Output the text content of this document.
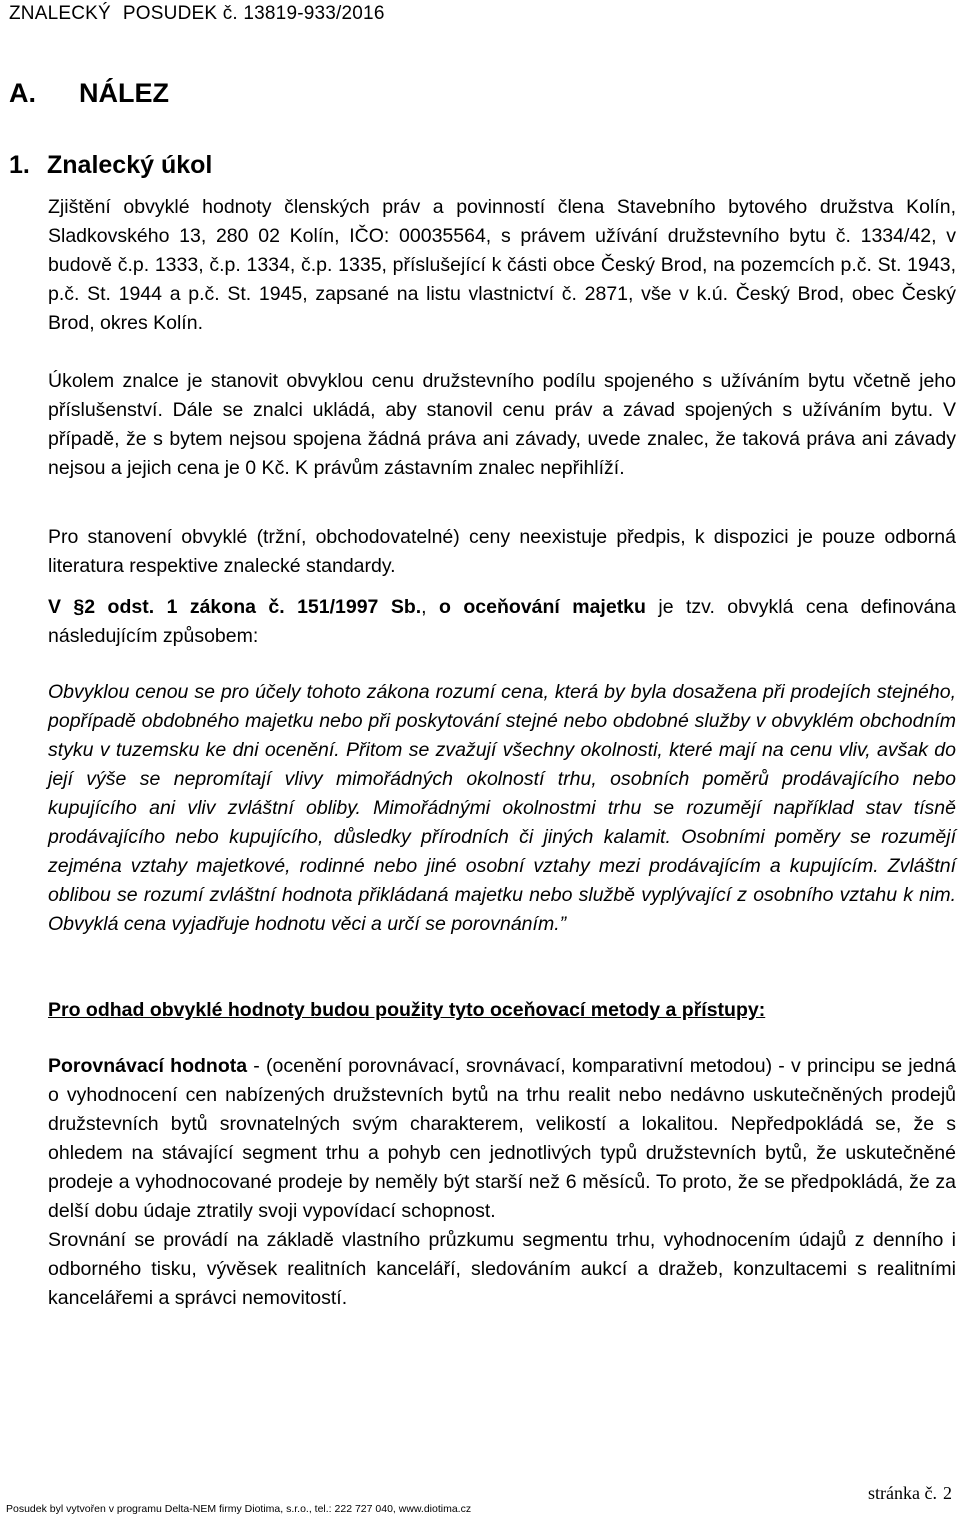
ZNALECKÝ POSUDEK č. 13819-933/2016
A. NÁLEZ
1. Znalecký úkol

Zjištění obvyklé hodnoty členských práv a povinností člena Stavebního bytového družstva Kolín, Sladkovského 13, 280 02 Kolín, IČO: 00035564, s právem užívání družstevního bytu č. 1334/42, v budově č.p. 1333, č.p. 1334, č.p. 1335, příslušející k části obce Český Brod, na pozemcích p.č. St. 1943, p.č. St. 1944 a p.č. St. 1945, zapsané na listu vlastnictví č. 2871, vše v k.ú. Český Brod, obec Český Brod, okres Kolín.

Úkolem znalce je stanovit obvyklou cenu družstevního podílu spojeného s užíváním bytu včetně jeho příslušenství. Dále se znalci ukládá, aby stanovil cenu práv a závad spojených s užíváním bytu. V případě, že s bytem nejsou spojena žádná práva ani závady, uvede znalec, že taková práva ani závady nejsou a jejich cena je 0 Kč. K právům zástavním znalec nepřihlíží.

Pro stanovení obvyklé (tržní, obchodovatelné) ceny neexistuje předpis, k dispozici je pouze odborná literatura respektive znalecké standardy.

V §2 odst. 1 zákona č. 151/1997 Sb., o oceňování majetku je tzv. obvyklá cena definována následujícím způsobem:

Obvyklou cenou se pro účely tohoto zákona rozumí cena, která by byla dosažena při prodejích stejného, popřípadě obdobného majetku nebo při poskytování stejné nebo obdobné služby v obvyklém obchodním styku v tuzemsku ke dni ocenění. Přitom se zvažují všechny okolnosti, které mají na cenu vliv, avšak do její výše se nepromítají vlivy mimořádných okolností trhu, osobních poměrů prodávajícího nebo kupujícího ani vliv zvláštní obliby. Mimořádnými okolnostmi trhu se rozumějí například stav tísně prodávajícího nebo kupujícího, důsledky přírodních či jiných kalamit. Osobními poměry se rozumějí zejména vztahy majetkové, rodinné nebo jiné osobní vztahy mezi prodávajícím a kupujícím. Zvláštní oblibou se rozumí zvláštní hodnota přikládaná majetku nebo službě vyplývající z osobního vztahu k nim. Obvyklá cena vyjadřuje hodnotu věci a určí se porovnáním.”

Pro odhad obvyklé hodnoty budou použity tyto oceňovací metody a přístupy:

Porovnávací hodnota - (ocenění porovnávací, srovnávací, komparativní metodou) - v principu se jedná o vyhodnocení cen nabízených družstevních bytů na trhu realit nebo nedávno uskutečněných prodejů družstevních bytů srovnatelných svým charakterem, velikostí a lokalitou. Nepředpokládá se, že s ohledem na stávající segment trhu a pohyb cen jednotlivých typů družstevních bytů, že uskutečněné prodeje a vyhodnocované prodeje by neměly být starší než 6 měsíců. To proto, že se předpokládá, že za delší dobu údaje ztratily svoji vypovídací schopnost.

Srovnání se provádí na základě vlastního průzkumu segmentu trhu, vyhodnocením údajů z denního i odborného tisku, vývěsek realitních kanceláří, sledováním aukcí a dražeb, konzultacemi s realitními kancelářemi a správci nemovitostí.

stránka č. 2
Posudek byl vytvořen v programu Delta-NEM firmy Diotima, s.r.o., tel.: 222 727 040, www.diotima.cz
